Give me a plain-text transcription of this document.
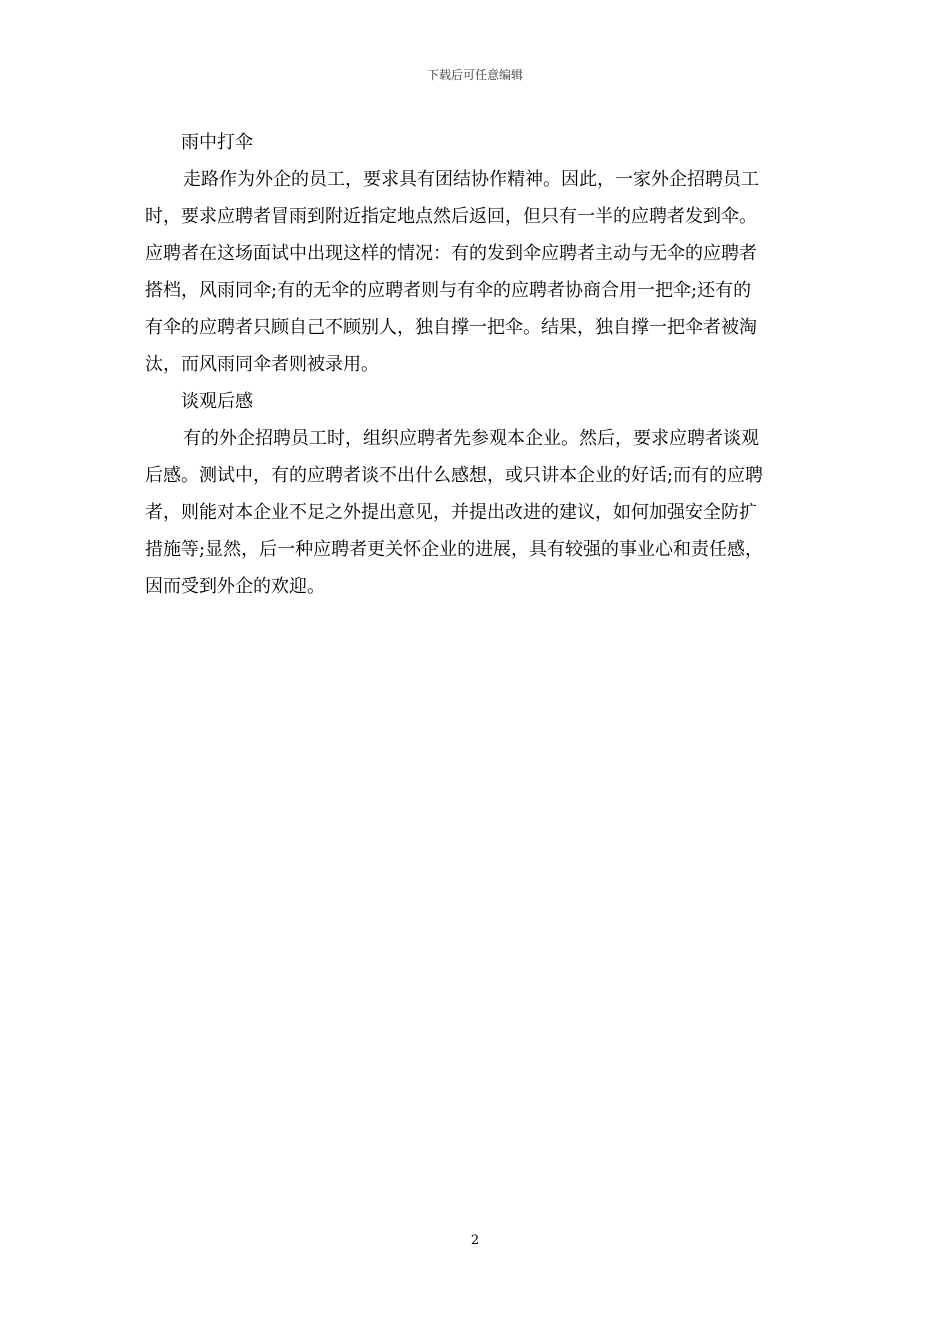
下载后可任意编辑

雨中打伞

走路作为外企的员工，要求具有团结协作精神。因此，一家外企招聘员工
时，要求应聘者冒雨到附近指定地点然后返回，但只有一半的应聘者发到伞。
应聘者在这场面试中出现这样的情况：有的发到伞应聘者主动与无伞的应聘者
搭档，风雨同伞;有的无伞的应聘者则与有伞的应聘者协商合用一把伞;还有的
有伞的应聘者只顾自己不顾别人，独自撑一把伞。结果，独自撑一把伞者被淘
汰，而风雨同伞者则被录用。

谈观后感

有的外企招聘员工时，组织应聘者先参观本企业。然后，要求应聘者谈观
后感。测试中，有的应聘者谈不出什么感想，或只讲本企业的好话;而有的应聘
者，则能对本企业不足之外提出意见，并提出改进的建议，如何加强安全防扩
措施等;显然，后一种应聘者更关怀企业的进展，具有较强的事业心和责任感，
因而受到外企的欢迎。
2
